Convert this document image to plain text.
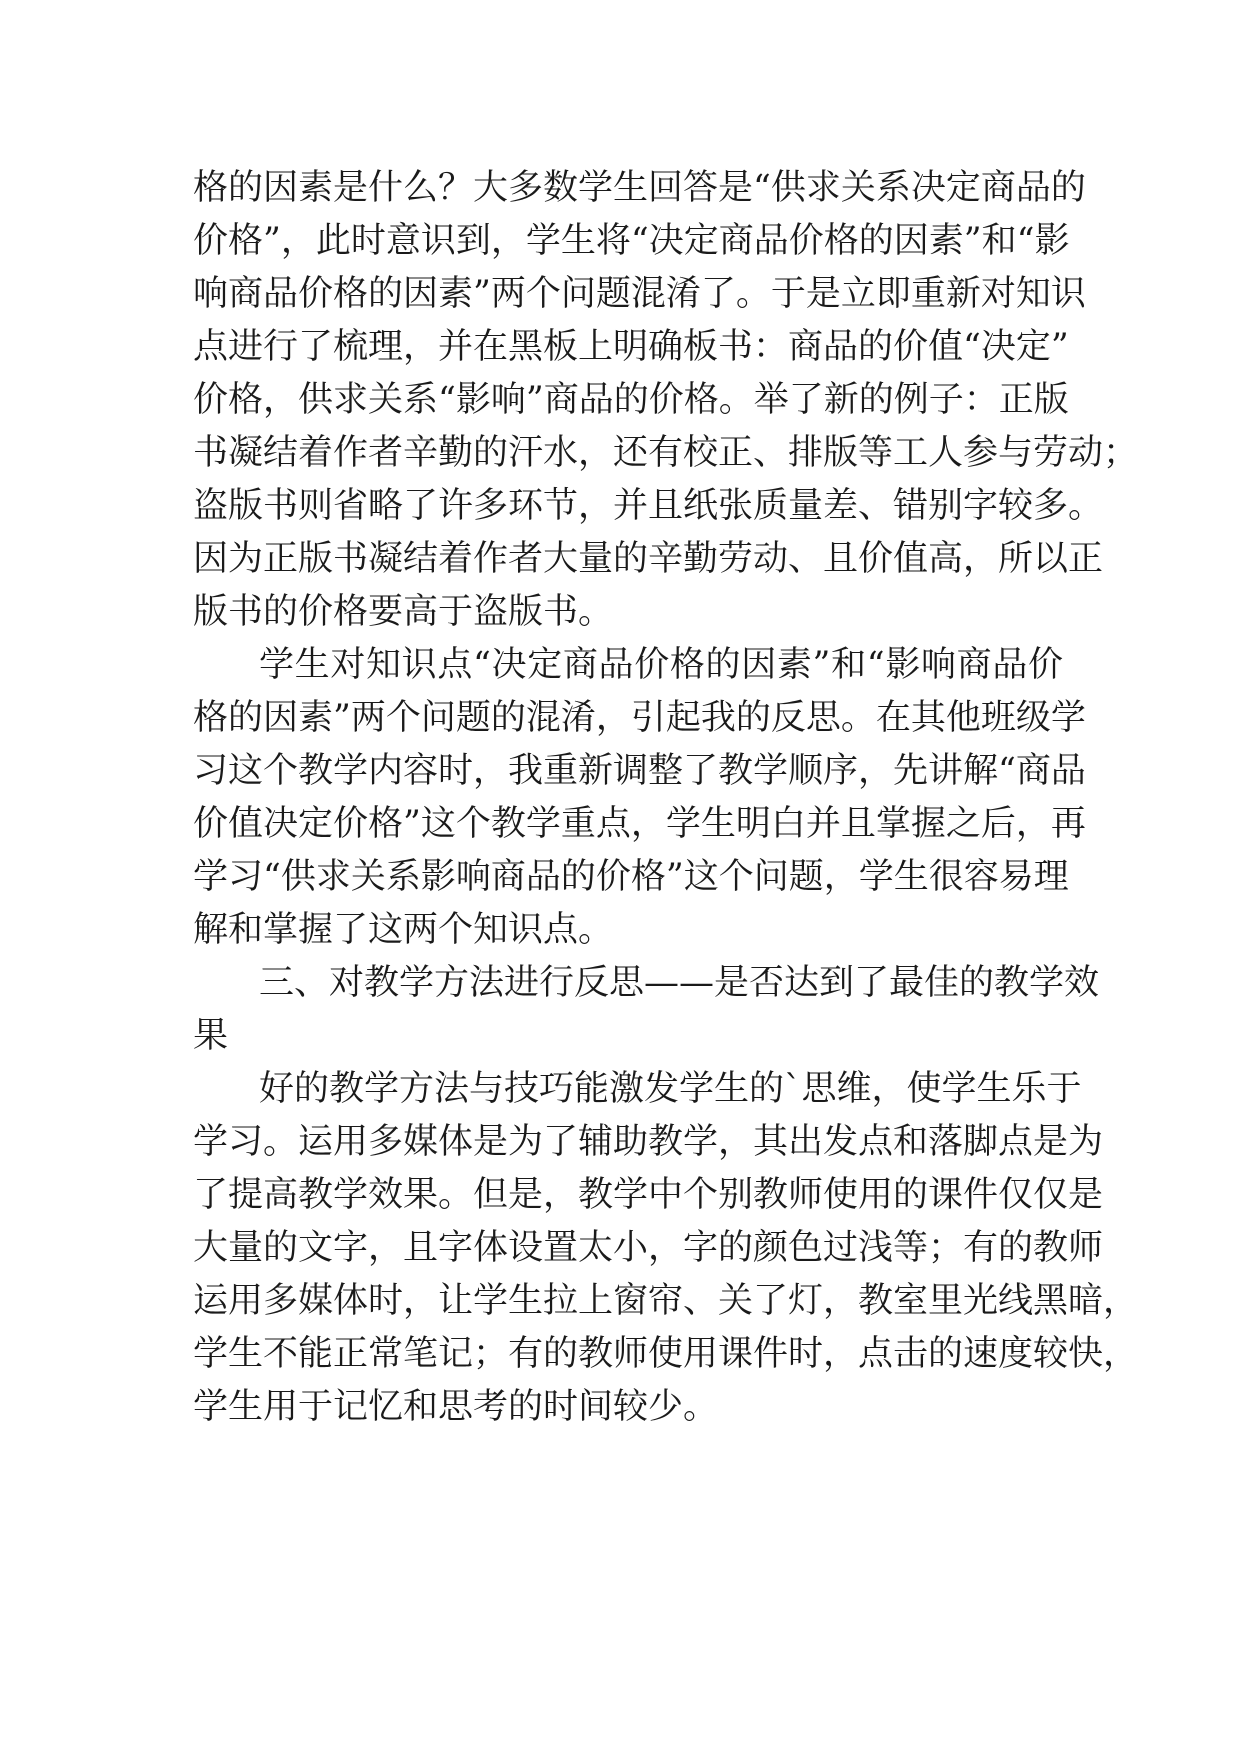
格的因素是什么？大多数学生回答是“供求关系决定商品的
价格”，此时意识到，学生将“决定商品价格的因素”和“影
响商品价格的因素”两个问题混淆了。于是立即重新对知识
点进行了梳理，并在黑板上明确板书：商品的价值“决定”
价格，供求关系“影响”商品的价格。举了新的例子：正版
书凝结着作者辛勤的汗水，还有校正、排版等工人参与劳动；
盗版书则省略了许多环节，并且纸张质量差、错别字较多。
因为正版书凝结着作者大量的辛勤劳动、且价值高，所以正
版书的价格要高于盗版书。
学生对知识点“决定商品价格的因素”和“影响商品价
格的因素”两个问题的混淆，引起我的反思。在其他班级学
习这个教学内容时，我重新调整了教学顺序，先讲解“商品
价值决定价格”这个教学重点，学生明白并且掌握之后，再
学习“供求关系影响商品的价格”这个问题，学生很容易理
解和掌握了这两个知识点。
三、对教学方法进行反思——是否达到了最佳的教学效
果
好的教学方法与技巧能激发学生的`思维，使学生乐于
学习。运用多媒体是为了辅助教学，其出发点和落脚点是为
了提高教学效果。但是，教学中个别教师使用的课件仅仅是
大量的文字，且字体设置太小，字的颜色过浅等；有的教师
运用多媒体时，让学生拉上窗帘、关了灯，教室里光线黑暗，
学生不能正常笔记；有的教师使用课件时，点击的速度较快，
学生用于记忆和思考的时间较少。
